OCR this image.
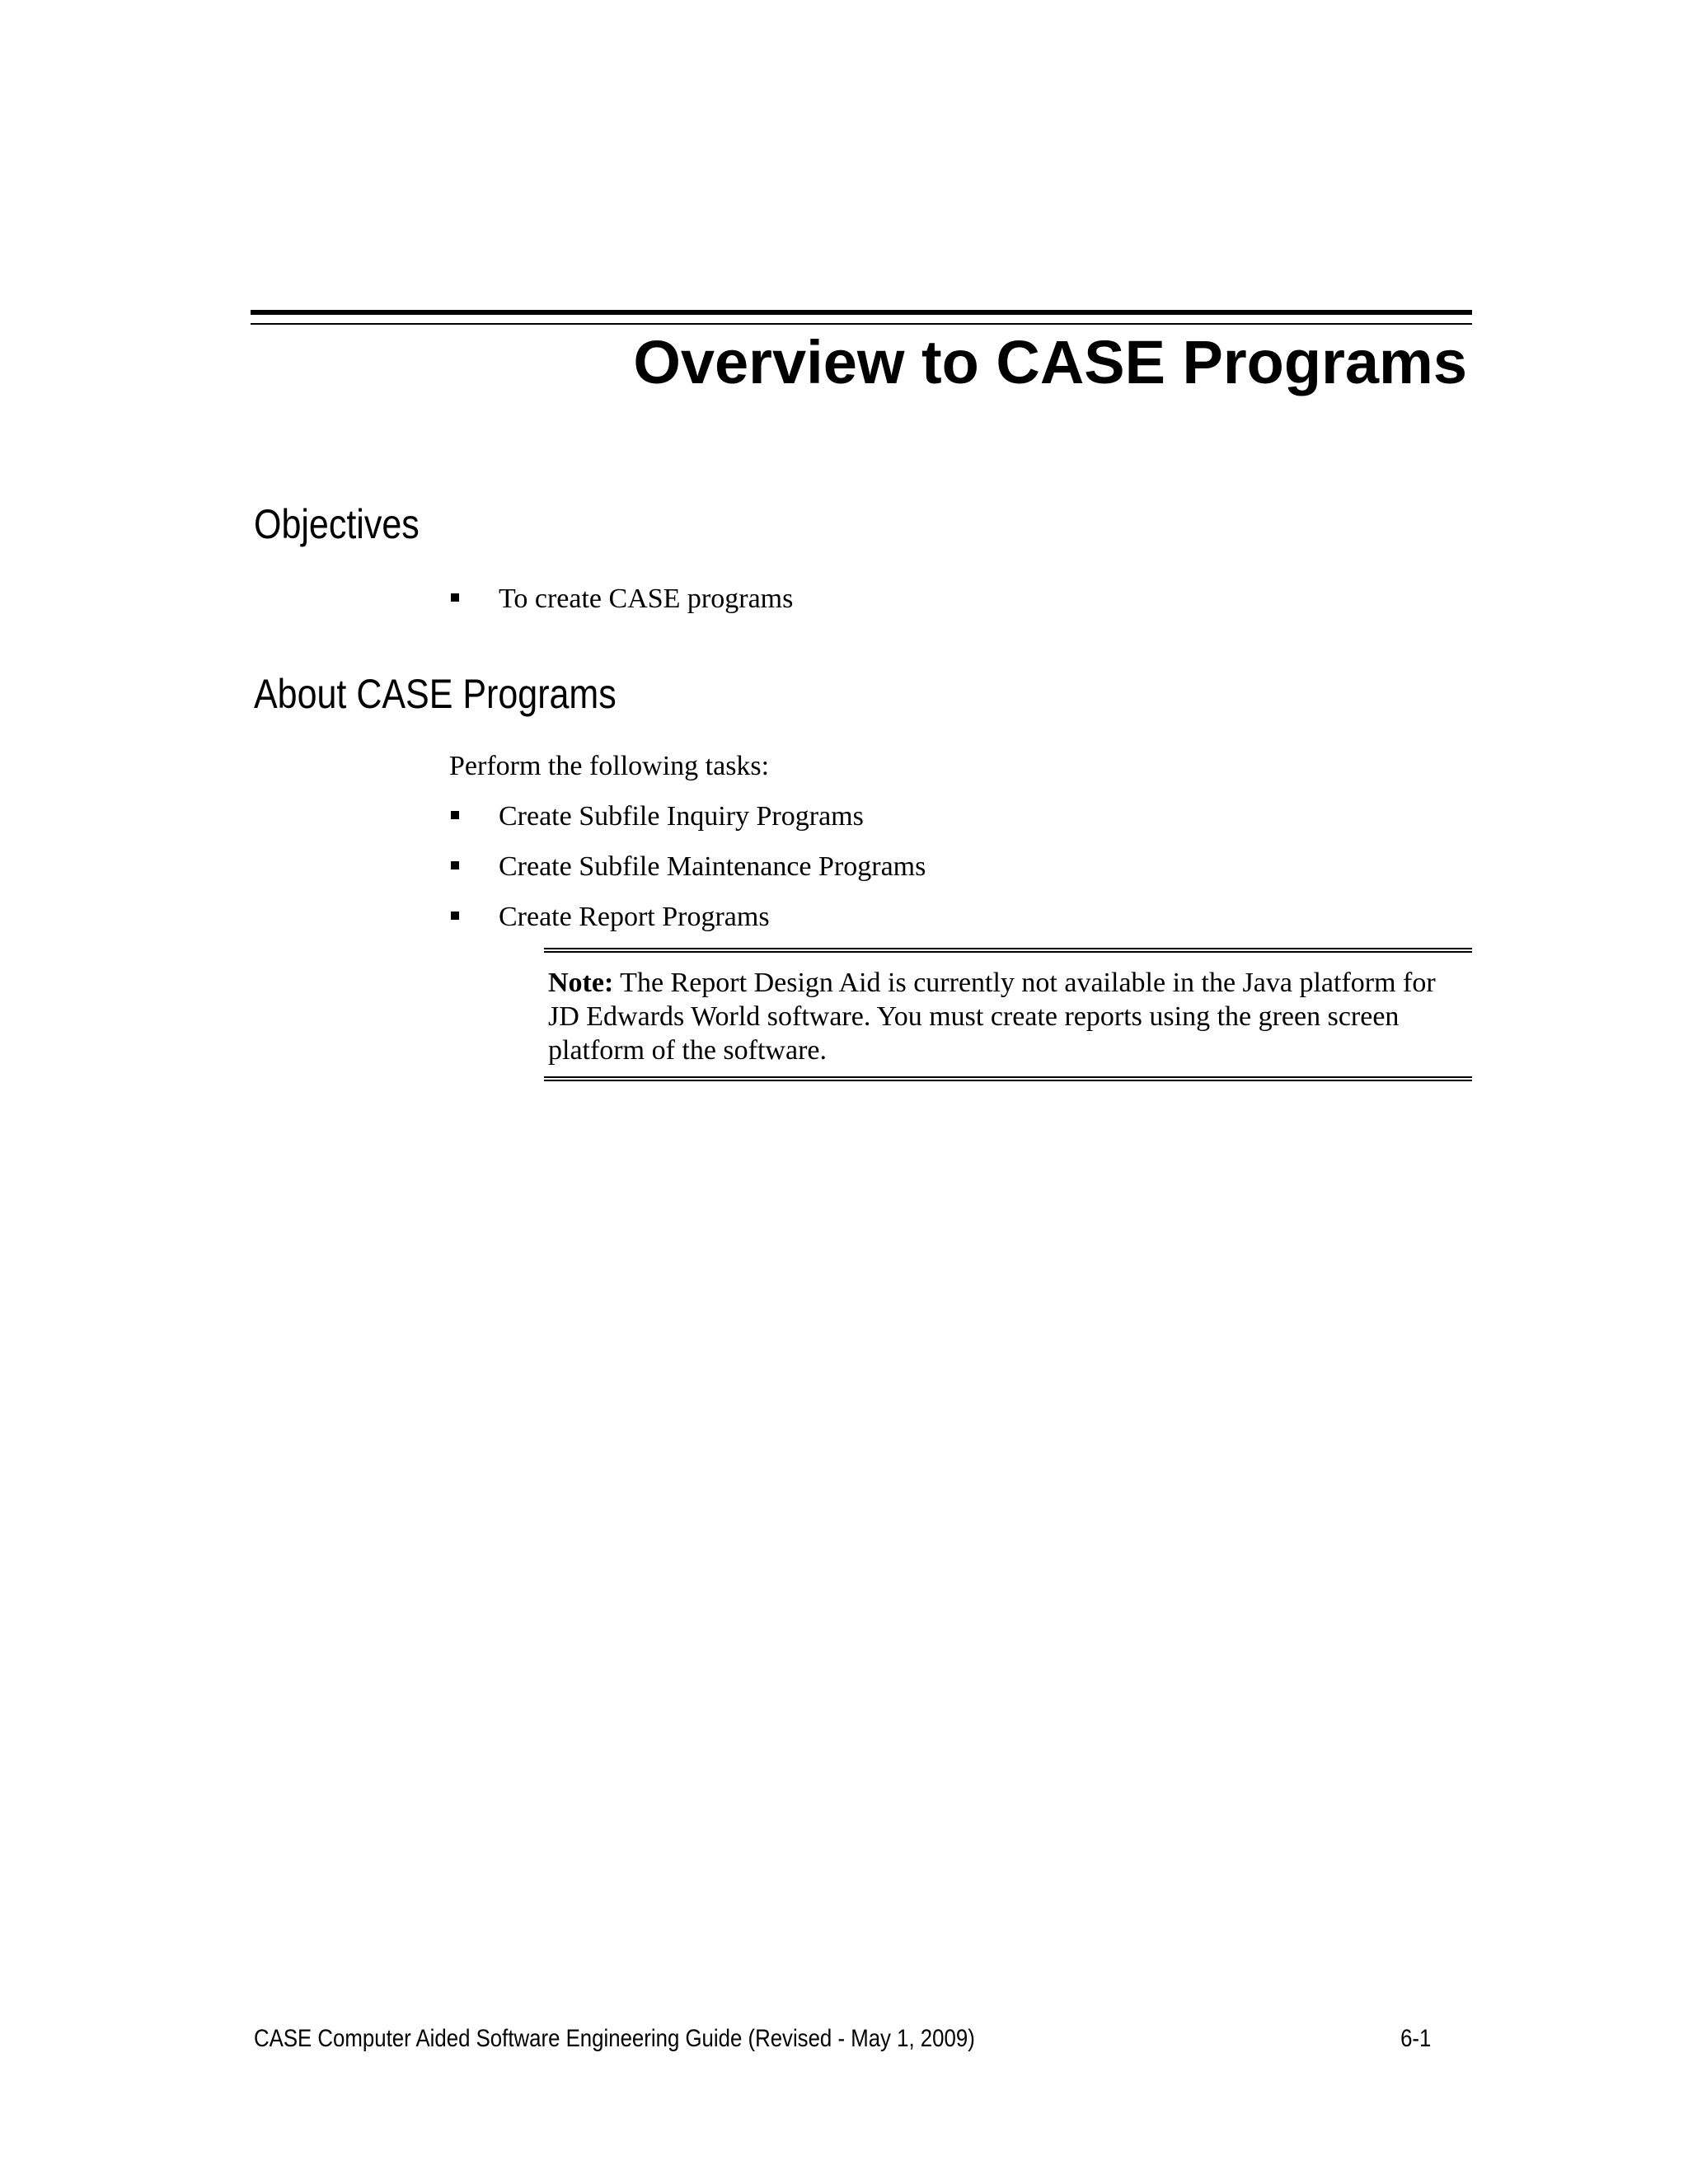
Overview to CASE Programs
Objectives
To create CASE programs
About CASE Programs

Perform the following tasks:

Create Subfile Inquiry Programs
Create Subfile Maintenance Programs
Create Report Programs

Note: The Report Design Aid is currently not available in the Java platform for JD Edwards World software. You must create reports using the green screen platform of the software.

CASE Computer Aided Software Engineering Guide (Revised - May 1, 2009)	6-1
